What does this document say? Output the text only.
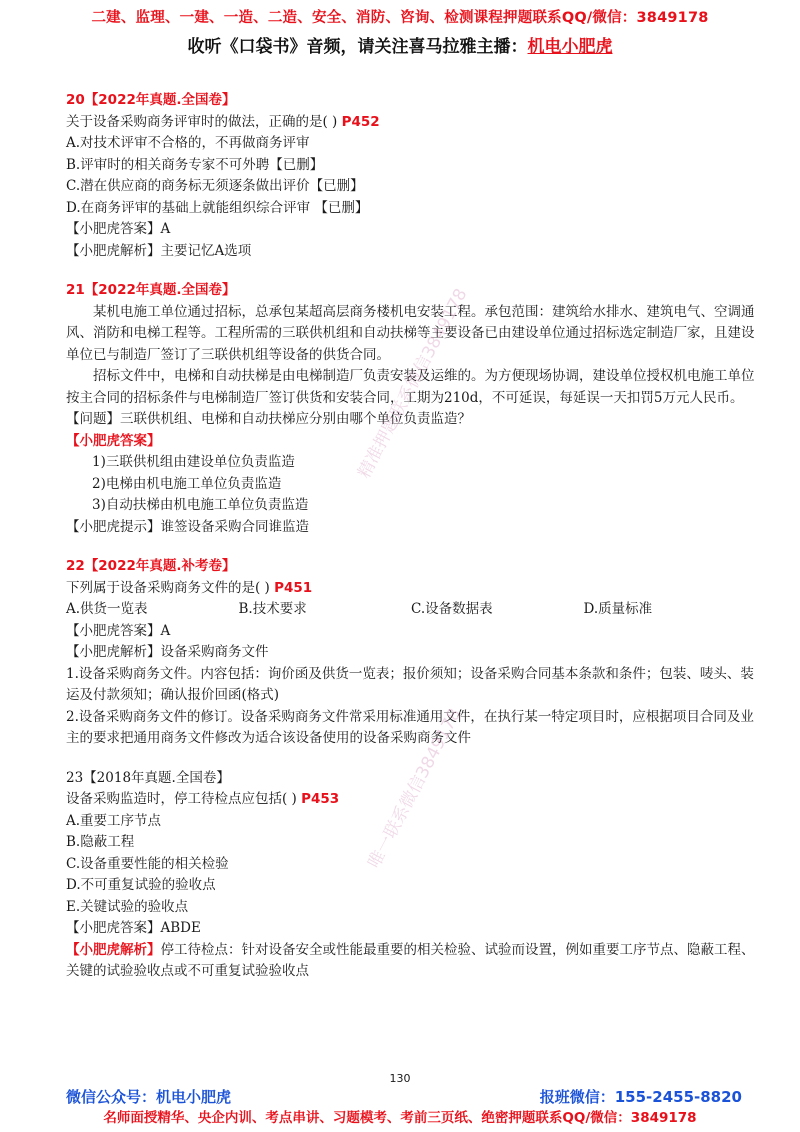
二建、监理、一建、一造、二造、安全、消防、咨询、检测课程押题联系QQ/微信：3849178
收听《口袋书》音频，请关注喜马拉雅主播：机电小肥虎
20【2022年真题.全国卷】
关于设备采购商务评审时的做法，正确的是( ) P452
A.对技术评审不合格的，不再做商务评审
B.评审时的相关商务专家不可外聘【已删】
C.潜在供应商的商务标无须逐条做出评价【已删】
D.在商务评审的基础上就能组织综合评审 【已删】
【小肥虎答案】A
【小肥虎解析】主要记忆A选项
21【2022年真题.全国卷】
某机电施工单位通过招标，总承包某超高层商务楼机电安装工程。承包范围：建筑给水排水、建筑电气、空调通风、消防和电梯工程等。工程所需的三联供机组和自动扶梯等主要设备已由建设单位通过招标选定制造厂家，且建设单位已与制造厂签订了三联供机组等设备的供货合同。
招标文件中，电梯和自动扶梯是由电梯制造厂负责安装及运维的。为方便现场协调，建设单位授权机电施工单位按主合同的招标条件与电梯制造厂签订供货和安装合同，工期为210d，不可延误，每延误一天扣罚5万元人民币。
【问题】三联供机组、电梯和自动扶梯应分别由哪个单位负责监造？
【小肥虎答案】
1)三联供机组由建设单位负责监造
2)电梯由机电施工单位负责监造
3)自动扶梯由机电施工单位负责监造
【小肥虎提示】谁签设备采购合同谁监造
22【2022年真题.补考卷】
下列属于设备采购商务文件的是( ) P451
A.供货一览表	B.技术要求	C.设备数据表	D.质量标准
【小肥虎答案】A
【小肥虎解析】设备采购商务文件
1.设备采购商务文件。内容包括：询价函及供货一览表；报价须知；设备采购合同基本条款和条件；包装、唛头、装运及付款须知；确认报价回函(格式)
2.设备采购商务文件的修订。设备采购商务文件常采用标准通用文件，在执行某一特定项目时，应根据项目合同及业主的要求把通用商务文件修改为适合该设备使用的设备采购商务文件
23【2018年真题.全国卷】
设备采购监造时，停工待检点应包括( ) P453
A.重要工序节点
B.隐蔽工程
C.设备重要性能的相关检验
D.不可重复试验的验收点
E.关键试验的验收点
【小肥虎答案】ABDE
【小肥虎解析】停工待检点：针对设备安全或性能最重要的相关检验、试验而设置，例如重要工序节点、隐蔽工程、关键的试验验收点或不可重复试验验收点
精准押题联系微信3849178
唯一联系微信3849178
130
微信公众号：机电小肥虎	报班微信：155-2455-8820
名师面授精华、央企内训、考点串讲、习题模考、考前三页纸、绝密押题联系QQ/微信：3849178
